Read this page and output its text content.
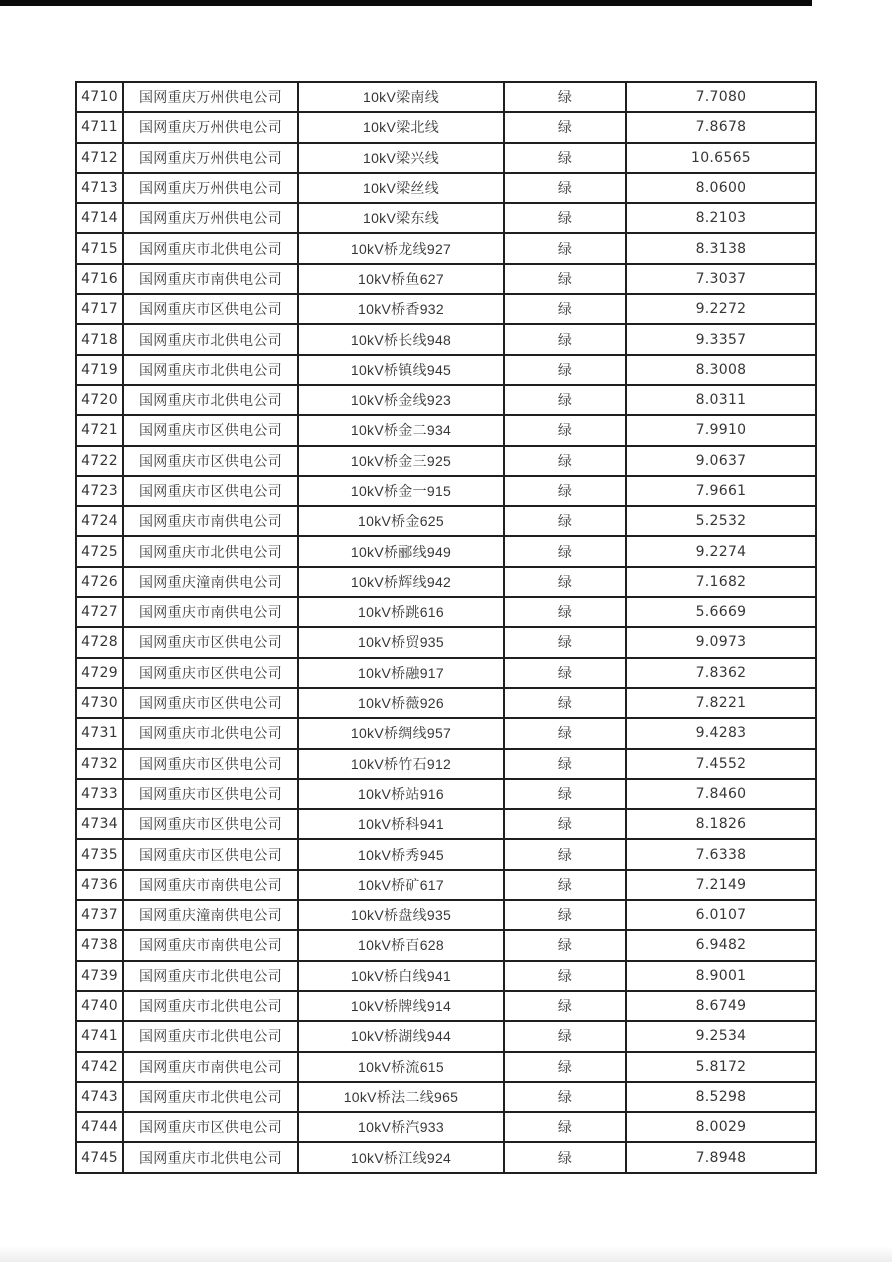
4710	国网重庆万州供电公司	10kV梁南线	绿	7.7080
4711	国网重庆万州供电公司	10kV梁北线	绿	7.8678
4712	国网重庆万州供电公司	10kV梁兴线	绿	10.6565
4713	国网重庆万州供电公司	10kV梁丝线	绿	8.0600
4714	国网重庆万州供电公司	10kV梁东线	绿	8.2103
4715	国网重庆市北供电公司	10kV桥龙线927	绿	8.3138
4716	国网重庆市南供电公司	10kV桥鱼627	绿	7.3037
4717	国网重庆市区供电公司	10kV桥香932	绿	9.2272
4718	国网重庆市北供电公司	10kV桥长线948	绿	9.3357
4719	国网重庆市北供电公司	10kV桥镇线945	绿	8.3008
4720	国网重庆市北供电公司	10kV桥金线923	绿	8.0311
4721	国网重庆市区供电公司	10kV桥金二934	绿	7.9910
4722	国网重庆市区供电公司	10kV桥金三925	绿	9.0637
4723	国网重庆市区供电公司	10kV桥金一915	绿	7.9661
4724	国网重庆市南供电公司	10kV桥金625	绿	5.2532
4725	国网重庆市北供电公司	10kV桥郦线949	绿	9.2274
4726	国网重庆潼南供电公司	10kV桥辉线942	绿	7.1682
4727	国网重庆市南供电公司	10kV桥跳616	绿	5.6669
4728	国网重庆市区供电公司	10kV桥贸935	绿	9.0973
4729	国网重庆市区供电公司	10kV桥融917	绿	7.8362
4730	国网重庆市区供电公司	10kV桥薇926	绿	7.8221
4731	国网重庆市北供电公司	10kV桥绸线957	绿	9.4283
4732	国网重庆市区供电公司	10kV桥竹石912	绿	7.4552
4733	国网重庆市区供电公司	10kV桥站916	绿	7.8460
4734	国网重庆市区供电公司	10kV桥科941	绿	8.1826
4735	国网重庆市区供电公司	10kV桥秀945	绿	7.6338
4736	国网重庆市南供电公司	10kV桥矿617	绿	7.2149
4737	国网重庆潼南供电公司	10kV桥盘线935	绿	6.0107
4738	国网重庆市南供电公司	10kV桥百628	绿	6.9482
4739	国网重庆市北供电公司	10kV桥白线941	绿	8.9001
4740	国网重庆市北供电公司	10kV桥牌线914	绿	8.6749
4741	国网重庆市北供电公司	10kV桥湖线944	绿	9.2534
4742	国网重庆市南供电公司	10kV桥流615	绿	5.8172
4743	国网重庆市北供电公司	10kV桥法二线965	绿	8.5298
4744	国网重庆市区供电公司	10kV桥汽933	绿	8.0029
4745	国网重庆市北供电公司	10kV桥江线924	绿	7.8948
